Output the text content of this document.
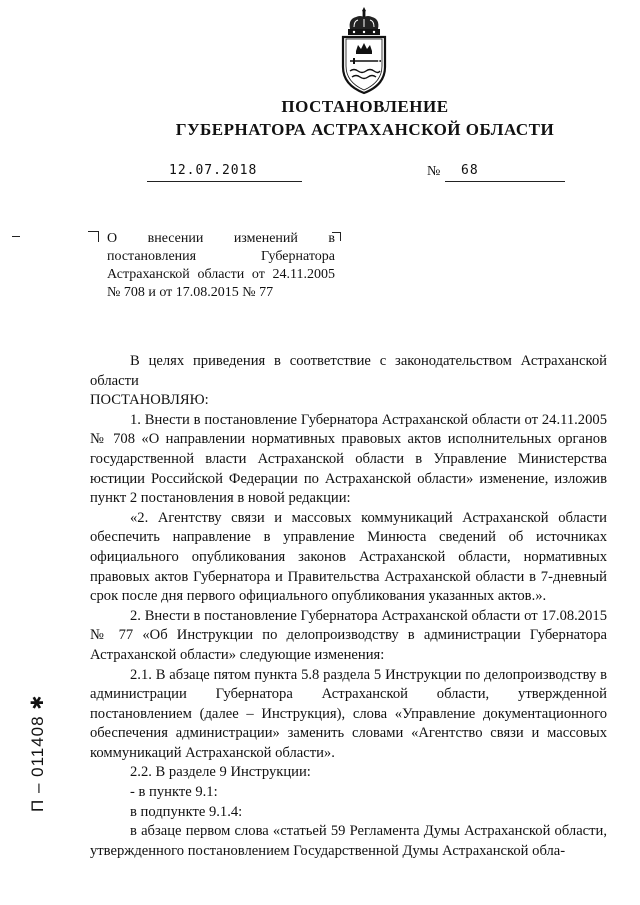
ПОСТАНОВЛЕНИЕ
ГУБЕРНАТОРА АСТРАХАНСКОЙ ОБЛАСТИ
12.07.2018	№ 68
О внесении изменений в постановления Губернатора Астраханской области от 24.11.2005 № 708 и от 17.08.2015 № 77

В целях приведения в соответствие с законодательством Астраханской области

ПОСТАНОВЛЯЮ:

1. Внести в постановление Губернатора Астраханской области от 24.11.2005 № 708 «О направлении нормативных правовых актов исполнительных органов государственной власти Астраханской области в Управление Министерства юстиции Российской Федерации по Астраханской области» изменение, изложив пункт 2 постановления в новой редакции:

«2. Агентству связи и массовых коммуникаций Астраханской области обеспечить направление в управление Минюста сведений об источниках официального опубликования законов Астраханской области, нормативных правовых актов Губернатора и Правительства Астраханской области в 7-дневный срок после дня первого официального опубликования указанных актов.».

2. Внести в постановление Губернатора Астраханской области от 17.08.2015 № 77 «Об Инструкции по делопроизводству в администрации Губернатора Астраханской области» следующие изменения:

2.1. В абзаце пятом пункта 5.8 раздела 5 Инструкции по делопроизводству в администрации Губернатора Астраханской области, утвержденной постановлением (далее – Инструкция), слова «Управление документационного обеспечения администрации» заменить словами «Агентство связи и массовых коммуникаций Астраханской области».

2.2. В разделе 9 Инструкции:

- в пункте 9.1:

в подпункте 9.1.4:

в абзаце первом слова «статьей 59 Регламента Думы Астраханской области, утвержденного постановлением Государственной Думы Астраханской обла-

П – 011408 ✱
